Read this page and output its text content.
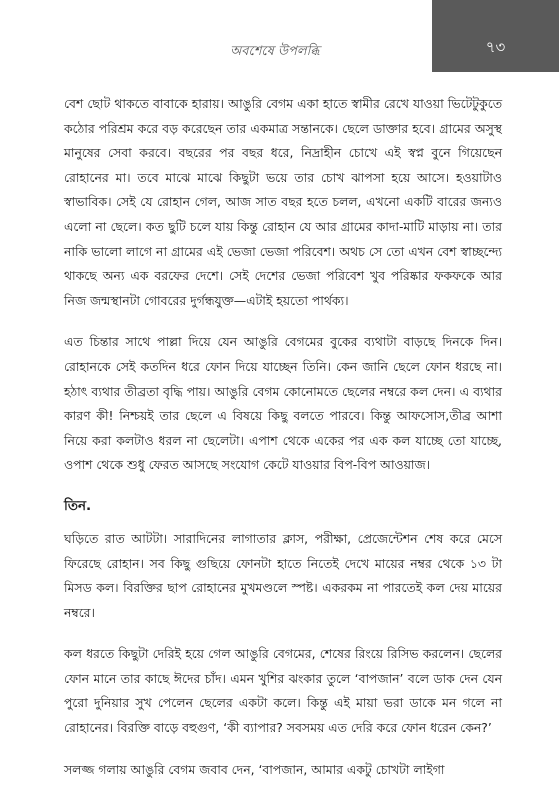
অবশেষে উপলব্ধি	৭৩

বেশ ছোট থাকতে বাবাকে হারায়। আঙুরি বেগম একা হাতে স্বামীর রেখে যাওয়া ভিটেটুকুতে কঠোর পরিশ্রম করে বড় করেছেন তার একমাত্র সন্তানকে। ছেলে ডাক্তার হবে। গ্রামের অসুস্থ মানুষের সেবা করবে। বছরের পর বছর ধরে, নিদ্রাহীন চোখে এই স্বপ্ন বুনে গিয়েছেন রোহানের মা। তবে মাঝে মাঝে কিছুটা ভয়ে তার চোখ ঝাপসা হয়ে আসে। হওয়াটাও স্বাভাবিক। সেই যে রোহান গেল, আজ সাত বছর হতে চলল, এখনো একটি বারের জন্যও এলো না ছেলে। কত ছুটি চলে যায় কিন্তু রোহান যে আর গ্রামের কাদা-মাটি মাড়ায় না। তার নাকি ভালো লাগে না গ্রামের এই ভেজা ভেজা পরিবেশ। অথচ সে তো এখন বেশ স্বাচ্ছন্দ্যে থাকছে অন্য এক বরফের দেশে। সেই দেশের ভেজা পরিবেশ খুব পরিষ্কার ফকফকে আর নিজ জন্মস্থানটা গোবরের দুর্গন্ধযুক্ত—এটাই হয়তো পার্থক্য।

এত চিন্তার সাথে পাল্লা দিয়ে যেন আঙুরি বেগমের বুকের ব্যথাটা বাড়ছে দিনকে দিন। রোহানকে সেই কতদিন ধরে ফোন দিয়ে যাচ্ছেন তিনি। কেন জানি ছেলে ফোন ধরছে না। হঠাৎ ব্যথার তীব্রতা বৃদ্ধি পায়। আঙুরি বেগম কোনোমতে ছেলের নম্বরে কল দেন। এ ব্যথার কারণ কী! নিশ্চয়ই তার ছেলে এ বিষয়ে কিছু বলতে পারবে। কিন্তু আফসোস,তীব্র আশা নিয়ে করা কলটাও ধরল না ছেলেটা। এপাশ থেকে একের পর এক কল যাচ্ছে তো যাচ্ছে, ওপাশ থেকে শুধু ফেরত আসছে সংযোগ কেটে যাওয়ার বিপ-বিপ আওয়াজ।

তিন.

ঘড়িতে রাত আটটা। সারাদিনের লাগাতার ক্লাস, পরীক্ষা, প্রেজেন্টেশন শেষ করে মেসে ফিরেছে রোহান। সব কিছু গুছিয়ে ফোনটা হাতে নিতেই দেখে মায়ের নম্বর থেকে ১৩ টা মিসড কল। বিরক্তির ছাপ রোহানের মুখমণ্ডলে স্পষ্ট। একরকম না পারতেই কল দেয় মায়ের নম্বরে।

কল ধরতে কিছুটা দেরিই হয়ে গেল আঙুরি বেগমের, শেষের রিংয়ে রিসিভ করলেন। ছেলের ফোন মানে তার কাছে ঈদের চাঁদ। এমন খুশির ঝংকার তুলে ‘বাপজান’ বলে ডাক দেন যেন পুরো দুনিয়ার সুখ পেলেন ছেলের একটা কলে। কিন্তু এই মায়া ভরা ডাকে মন গলে না রোহানের। বিরক্তি বাড়ে বহুগুণ, ‘কী ব্যাপার? সবসময় এত দেরি করে ফোন ধরেন কেন?’

সলজ্জ গলায় আঙুরি বেগম জবাব দেন, ‘বাপজান, আমার একটু চোখটা লাইগা
